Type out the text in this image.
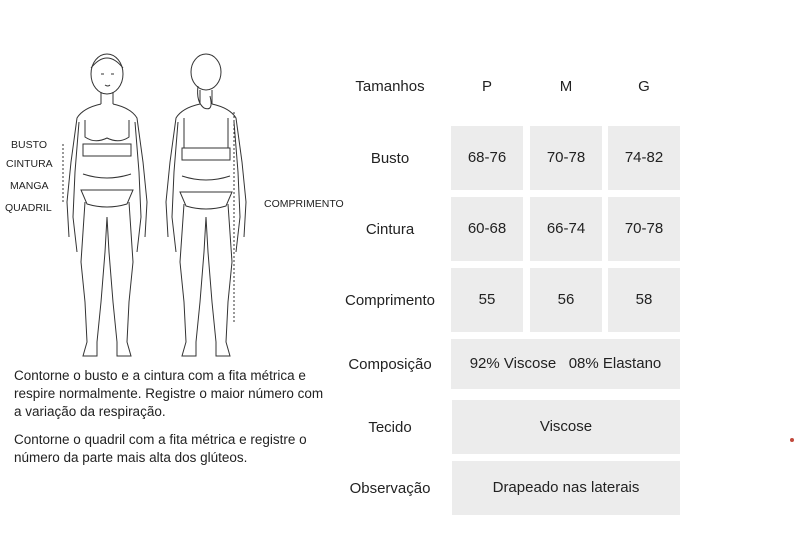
BUSTO
CINTURA
MANGA
QUADRIL	COMPRIMENTO
Contorne o busto e a cintura com a fita métrica e respire normalmente. Registre o maior número com a variação da respiração.
Contorne o quadril com a fita métrica e registre o número da parte mais alta dos glúteos.
Tamanhos	P	M	G
Busto	68-76	70-78	74-82
Cintura	60-68	66-74	70-78
Comprimento	55	56	58
Composição	92% Viscose 08% Elastano
Tecido	Viscose
Observação	Drapeado nas laterais
